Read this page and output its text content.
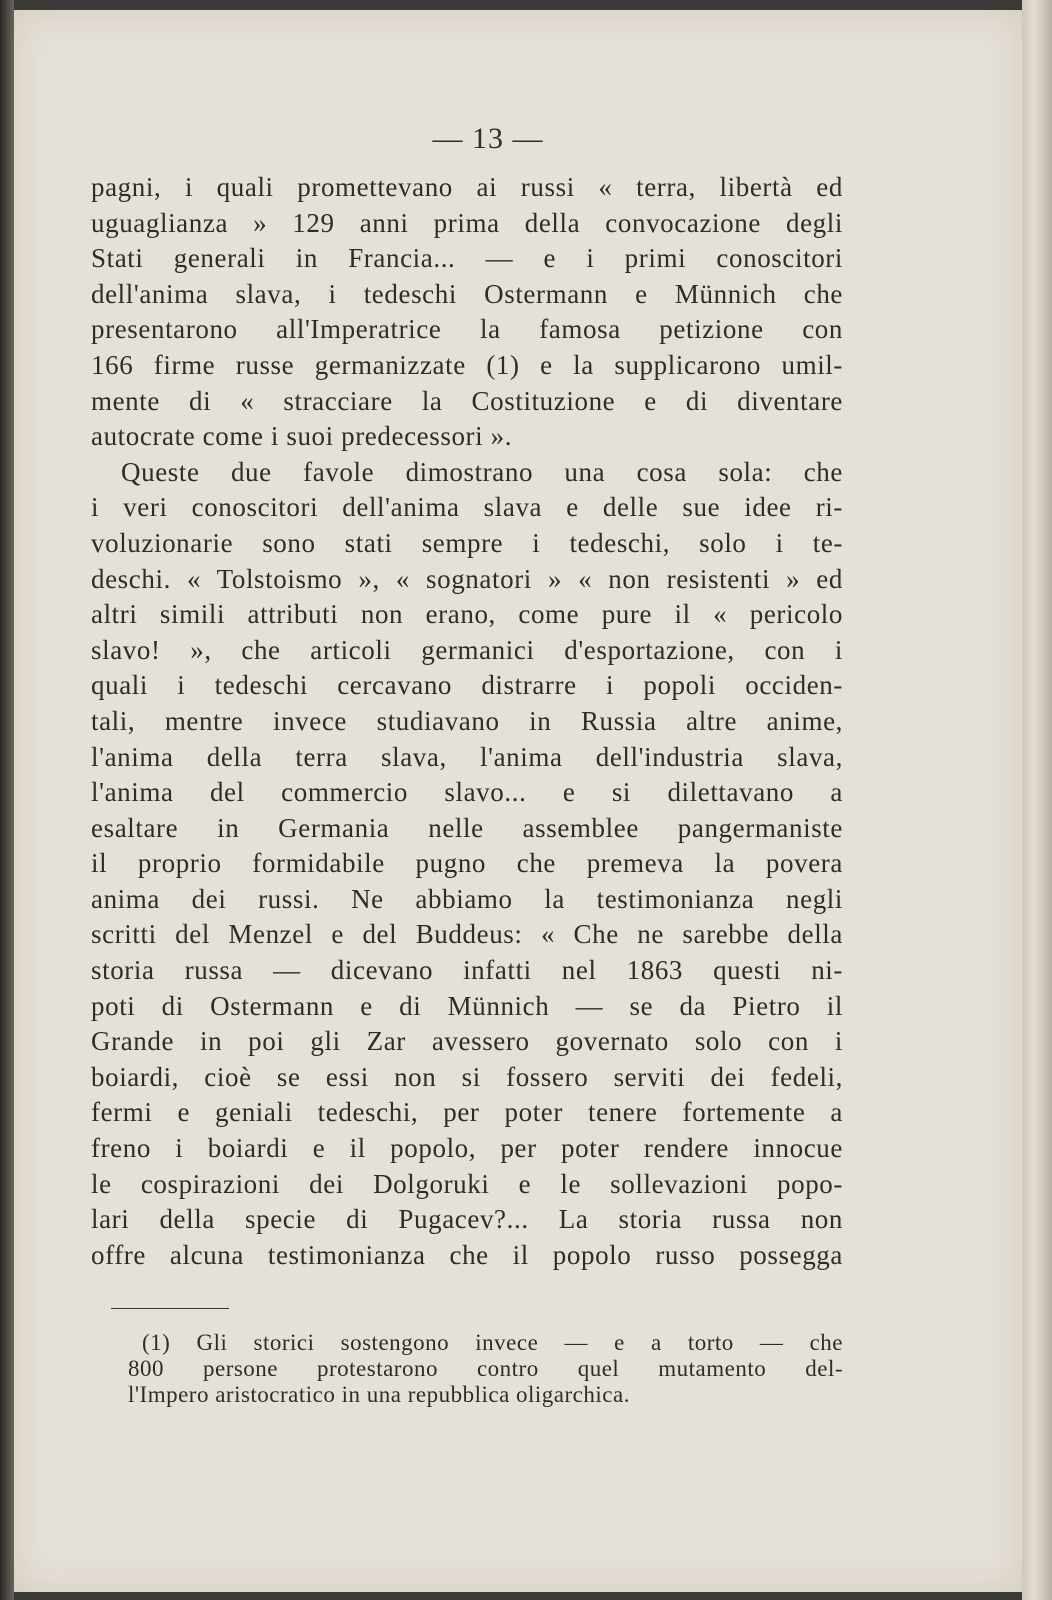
— 13 —
pagni, i quali promettevano ai russi « terra, libertà ed
uguaglianza » 129 anni prima della convocazione degli
Stati generali in Francia... — e i primi conoscitori
dell'anima slava, i tedeschi Ostermann e Münnich che
presentarono all'Imperatrice la famosa petizione con
166 firme russe germanizzate (1) e la supplicarono umil-
mente di « stracciare la Costituzione e di diventare
autocrate come i suoi predecessori ».
Queste due favole dimostrano una cosa sola: che
i veri conoscitori dell'anima slava e delle sue idee ri-
voluzionarie sono stati sempre i tedeschi, solo i te-
deschi. « Tolstoismo », « sognatori » « non resistenti » ed
altri simili attributi non erano, come pure il « pericolo
slavo! », che articoli germanici d'esportazione, con i
quali i tedeschi cercavano distrarre i popoli occiden-
tali, mentre invece studiavano in Russia altre anime,
l'anima della terra slava, l'anima dell'industria slava,
l'anima del commercio slavo... e si dilettavano a
esaltare in Germania nelle assemblee pangermaniste
il proprio formidabile pugno che premeva la povera
anima dei russi. Ne abbiamo la testimonianza negli
scritti del Menzel e del Buddeus: « Che ne sarebbe della
storia russa — dicevano infatti nel 1863 questi ni-
poti di Ostermann e di Münnich — se da Pietro il
Grande in poi gli Zar avessero governato solo con i
boiardi, cioè se essi non si fossero serviti dei fedeli,
fermi e geniali tedeschi, per poter tenere fortemente a
freno i boiardi e il popolo, per poter rendere innocue
le cospirazioni dei Dolgoruki e le sollevazioni popo-
lari della specie di Pugacev?... La storia russa non
offre alcuna testimonianza che il popolo russo possegga
(1) Gli storici sostengono invece — e a torto — che
800 persone protestarono contro quel mutamento del-
l'Impero aristocratico in una repubblica oligarchica.
